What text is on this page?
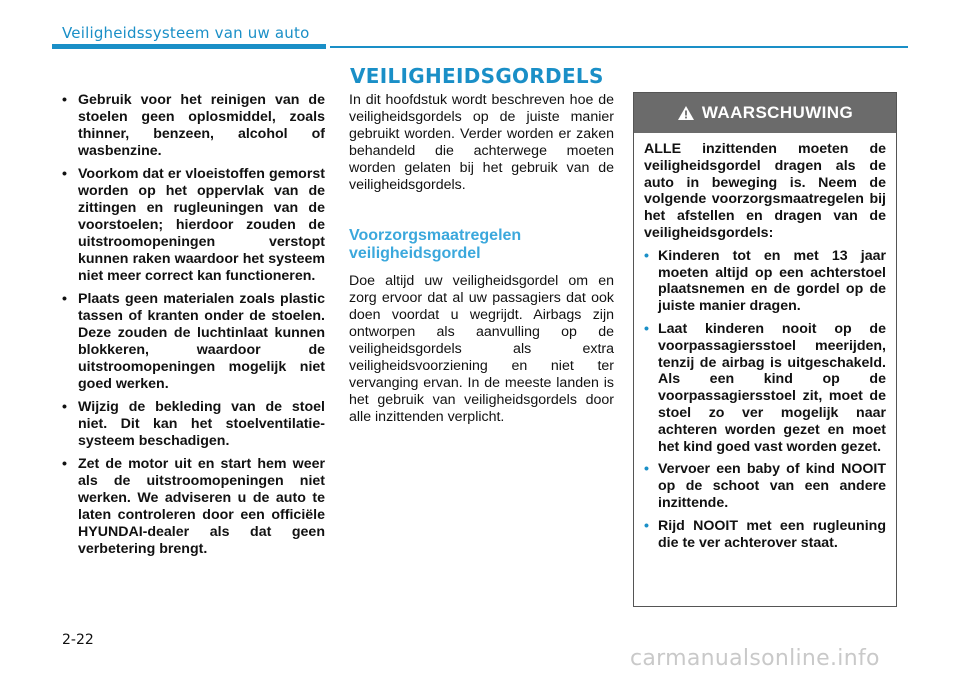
Veiligheidssysteem van uw auto
VEILIGHEIDSGORDELS
• Gebruik voor het reinigen van de stoelen geen oplosmiddel, zoals thinner, benzeen, alcohol of wasbenzine.
• Voorkom dat er vloeistoffen gemorst worden op het oppervlak van de zittingen en rugleuningen van de voorstoelen; hierdoor zouden de uitstroomopeningen verstopt kunnen raken waardoor het systeem niet meer correct kan functioneren.
• Plaats geen materialen zoals plastic tassen of kranten onder de stoelen. Deze zouden de luchtinlaat kunnen blokkeren, waardoor de uitstroomopeningen mogelijk niet goed werken.
• Wijzig de bekleding van de stoel niet. Dit kan het stoelventilatie-systeem beschadigen.
• Zet de motor uit en start hem weer als de uitstroomopeningen niet werken. We adviseren u de auto te laten controleren door een officiële HYUNDAI-dealer als dat geen verbetering brengt.

In dit hoofdstuk wordt beschreven hoe de veiligheidsgordels op de juiste manier gebruikt worden. Verder worden er zaken behandeld die achterwege moeten worden gelaten bij het gebruik van de veiligheidsgordels.

Voorzorgsmaatregelen veiligheidsgordel

Doe altijd uw veiligheidsgordel om en zorg ervoor dat al uw passagiers dat ook doen voordat u wegrijdt. Airbags zijn ontworpen als aanvulling op de veiligheidsgordels als extra veiligheidsvoorziening en niet ter vervanging ervan. In de meeste landen is het gebruik van veiligheidsgordels door alle inzittenden verplicht.

WAARSCHUWING

ALLE inzittenden moeten de veiligheidsgordel dragen als de auto in beweging is. Neem de volgende voorzorgsmaatregelen bij het afstellen en dragen van de veiligheidsgordels:

• Kinderen tot en met 13 jaar moeten altijd op een achterstoel plaatsnemen en de gordel op de juiste manier dragen.
• Laat kinderen nooit op de voorpassagiersstoel meerijden, tenzij de airbag is uitgeschakeld. Als een kind op de voorpassagiersstoel zit, moet de stoel zo ver mogelijk naar achteren worden gezet en moet het kind goed vast worden gezet.
• Vervoer een baby of kind NOOIT op de schoot van een andere inzittende.
• Rijd NOOIT met een rugleuning die te ver achterover staat.
2-22
carmanualsonline.info
